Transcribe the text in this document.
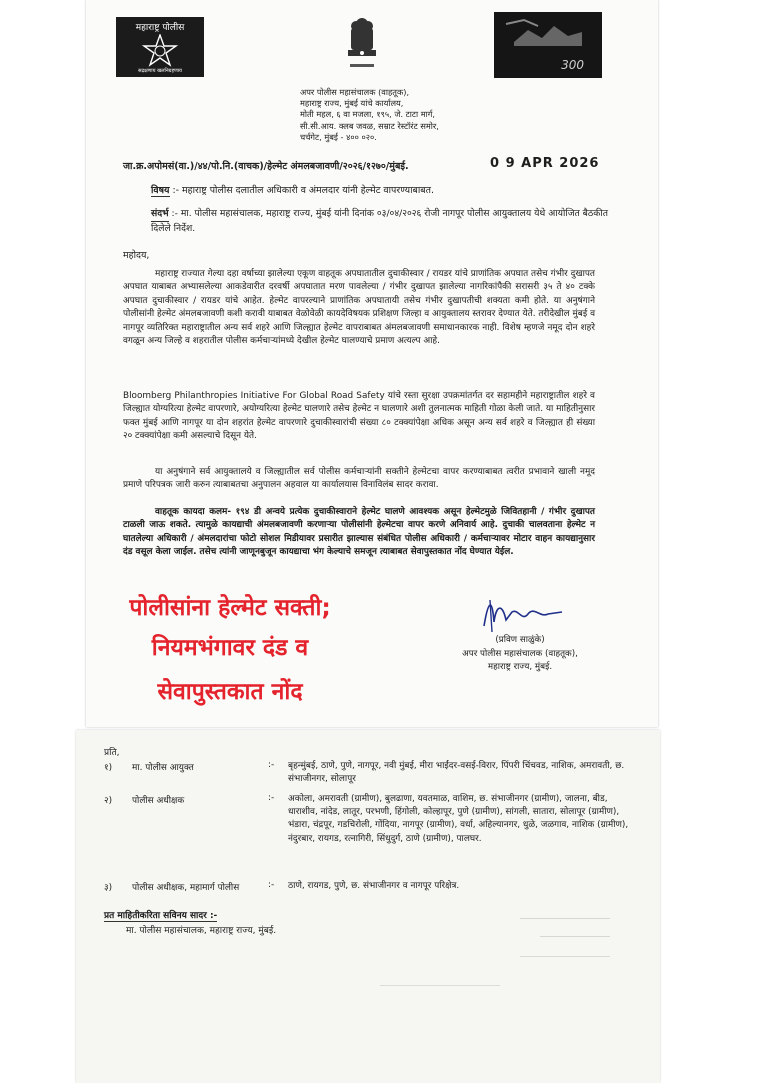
महाराष्ट्र पोलीस
सद्रक्षणाय खलनिग्रहणाय	300
अपर पोलीस महासंचालक (वाहतूक),
महाराष्ट्र राज्य, मुंबई यांचे कार्यालय,
मोती महल, ६ वा मजला, १९५, जे. टाटा मार्ग,
सी.सी.आय. क्लब जवळ, सम्राट रेस्टॉरंट समोर,
चर्चगेट, मुंबई - ४०० ०२०.
जा.क्र.अपोमसं(वा.)/४४/पो.नि.(वाचक)/हेल्मेट अंमलबजावणी/२०२६/१२७०/मुंबई.	0 9 APR 2026
विषय :- महाराष्ट्र पोलीस दलातील अधिकारी व अंमलदार यांनी हेल्मेट वापरण्याबाबत.
संदर्भ :- मा. पोलीस महासंचालक, महाराष्ट्र राज्य, मुंबई यांनी दिनांक ०३/०४/२०२६ रोजी नागपूर पोलीस आयुक्तालय येथे आयोजित बैठकीत दिलेले निर्देश.
महोदय,
महाराष्ट्र राज्यात गेल्या दहा वर्षाच्या झालेल्या एकूण वाहतूक अपघातातील दुचाकीस्वार / रायडर यांचे प्राणांतिक अपघात तसेच गंभीर दुखापत अपघात याबाबत अभ्यासलेल्या आकडेवारीत दरवर्षी अपघातात मरण पावलेल्या / गंभीर दुखापत झालेल्या नागरिकांपैकी सरासरी ३५ ते ४० टक्के अपघात दुचाकीस्वार / रायडर यांचे आहेत. हेल्मेट वापरल्याने प्राणांतिक अपघातायी तसेच गंभीर दुखापतीची शक्यता कमी होते. या अनुषंगाने पोलीसांनी हेल्मेट अंमलबजावणी कशी करावी याबाबत वेळोवेळी कायदेविषयक प्रशिक्षण जिल्हा व आयुक्तालय स्तरावर देण्यात येते. तरीदेखील मुंबई व नागपूर व्यतिरिक्त महाराष्ट्रातील अन्य सर्व शहरे आणि जिल्ह्यात हेल्मेट वापराबाबत अंमलबजावणी समाधानकारक नाही. विशेष म्हणजे नमूद दोन शहरे वगळून अन्य जिल्हे व शहरातील पोलीस कर्मचाऱ्यांमध्ये देखील हेल्मेट घालण्याचे प्रमाण अत्यल्प आहे.
Bloomberg Philanthropies Initiative For Global Road Safety यांचे रस्ता सुरक्षा उपक्रमांतर्गत दर सहामहीने महाराष्ट्रातील शहरे व जिल्ह्यात योग्यरित्या हेल्मेट वापरणारे, अयोग्यरित्या हेल्मेट घालणारे तसेच हेल्मेट न घालणारे अशी तुलनात्मक माहिती गोळा केली जाते. या माहितीनुसार फक्त मुंबई आणि नागपूर या दोन शहरांत हेल्मेट वापरणारे दुचाकीस्वारांची संख्या ८० टक्क्यांपेक्षा अधिक असून अन्य सर्व शहरे व जिल्ह्यात ही संख्या २० टक्क्यांपेक्षा कमी असल्याचे दिसून येते.
या अनुषंगाने सर्व आयुक्तालये व जिल्ह्यातील सर्व पोलीस कर्मचाऱ्यांनी सक्तीने हेल्मेटचा वापर करण्याबाबत त्वरीत प्रभावाने खाली नमूद प्रमाणे परिपत्रक जारी करुन त्याबाबतचा अनुपालन अहवाल या कार्यालयास विनाविलंब सादर करावा.
वाहतूक कायदा कलम- १९४ डी अन्वये प्रत्येक दुचाकीस्वाराने हेल्मेट घालणे आवश्यक असून हेल्मेटमुळे जिवितहानी / गंभीर दुखापत टाळली जाऊ शकते. त्यामुळे कायद्याची अंमलबजावणी करणाऱ्या पोलीसांनी हेल्मेटचा वापर करणे अनिवार्य आहे. दुचाकी चालवताना हेल्मेट न घातलेल्या अधिकारी / अंमलदारांचा फोटो सोशल मिडीयावर प्रसारीत झाल्यास संबंधित पोलीस अधिकारी / कर्मचाऱ्यावर मोटार वाहन कायद्यानुसार दंड वसूल केला जाईल. तसेच त्यांनी जाणूनबुजून कायद्याचा भंग केल्याचे समजून त्याबाबत सेवापुस्तकात नोंद घेण्यात येईल.
पोलीसांना हेल्मेट सक्ती;
नियमभंगावर दंड व
सेवापुस्तकात नोंद
(प्रविण साळुंके)
अपर पोलीस महासंचालक (वाहतूक),
महाराष्ट्र राज्य, मुंबई.
प्रति,
१) मा. पोलीस आयुक्त	:- बृहन्मुंबई, ठाणे, पुणे, नागपूर, नवी मुंबई, मीरा भाईंदर-वसई-विरार, पिंपरी चिंचवड, नाशिक, अमरावती, छ. संभाजीनगर, सोलापूर
२) पोलीस अधीक्षक	:- अकोला, अमरावती (ग्रामीण), बुलढाणा, यवतमाळ, वाशिम, छ. संभाजीनगर (ग्रामीण), जालना, बीड, धाराशीव, नांदेड, लातूर, परभणी, हिंगोली, कोल्हापूर, पुणे (ग्रामीण), सांगली, सातारा, सोलापूर (ग्रामीण), भंडारा, चंद्रपूर, गडचिरोली, गोंदिया, नागपूर (ग्रामीण), वर्धा, अहिल्यानगर, धुळे, जळगाव, नाशिक (ग्रामीण), नंदुरबार, रायगड, रत्नागिरी, सिंधुदुर्ग, ठाणे (ग्रामीण), पालघर.
३) पोलीस अधीक्षक, महामार्ग पोलीस	:- ठाणे, रायगड, पुणे, छ. संभाजीनगर व नागपूर परिक्षेत्र.
प्रत माहितीकरिता सविनय सादर :-
मा. पोलीस महासंचालक, महाराष्ट्र राज्य, मुंबई.
